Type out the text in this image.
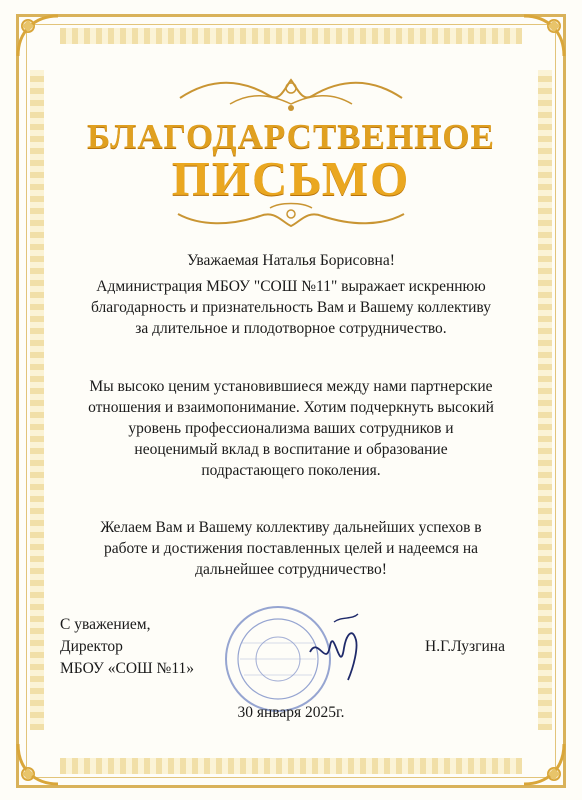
БЛАГОДАРСТВЕННОЕ
ПИСЬМО
Уважаемая Наталья Борисовна!
Администрация МБОУ "СОШ №11" выражает искреннюю
благодарность и признательность Вам и Вашему коллективу
за длительное и плодотворное сотрудничество.
Мы высоко ценим установившиеся между нами партнерские
отношения и взаимопонимание. Хотим подчеркнуть высокий
уровень профессионализма ваших сотрудников и
неоценимый вклад в воспитание и образование
подрастающего поколения.
Желаем Вам и Вашему коллективу дальнейших успехов в
работе и достижения поставленных целей и надеемся на
дальнейшее сотрудничество!
С уважением,
Директор
МБОУ «СОШ №11»
Н.Г.Лузгина
30 января 2025г.
